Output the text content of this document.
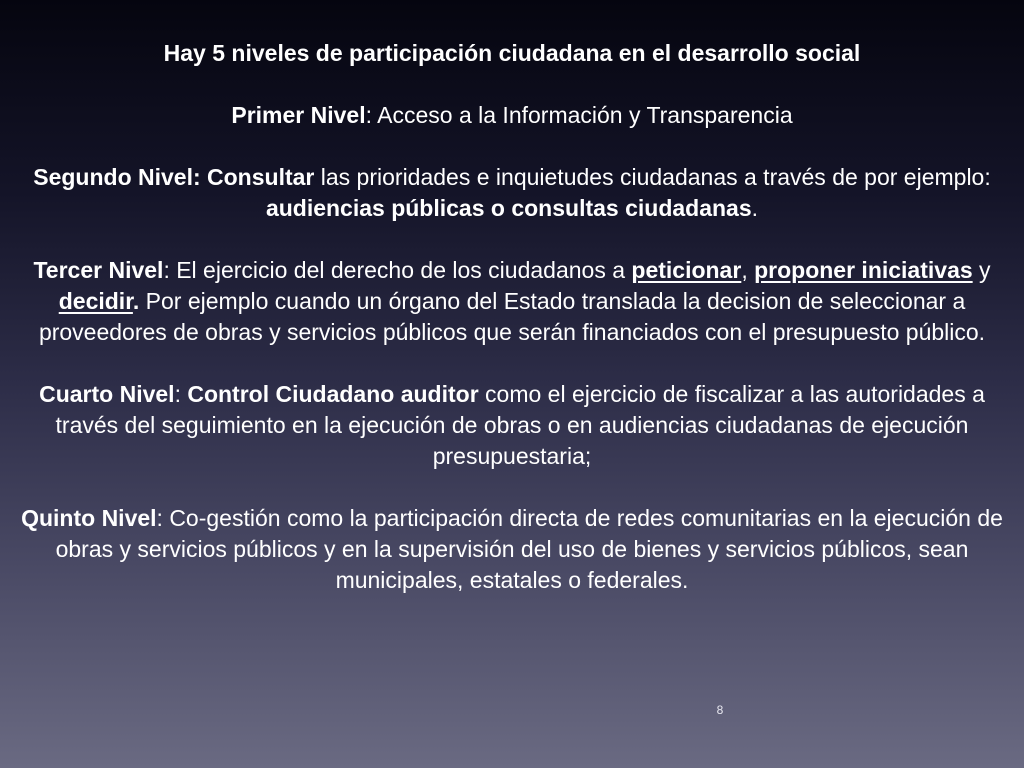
Hay 5 niveles de participación ciudadana en el desarrollo social

Primer Nivel: Acceso a la Información y Transparencia

Segundo Nivel: Consultar las prioridades e inquietudes ciudadanas a través de por ejemplo: audiencias públicas o consultas ciudadanas.

Tercer Nivel: El ejercicio del derecho de los ciudadanos a peticionar, proponer iniciativas y decidir. Por ejemplo cuando un órgano del Estado translada la decision de seleccionar a proveedores de obras y servicios públicos que serán financiados con el presupuesto público.

Cuarto Nivel: Control Ciudadano auditor como el ejercicio de fiscalizar a las autoridades a través del seguimiento en la ejecución de obras o en audiencias ciudadanas de ejecución presupuestaria;

Quinto Nivel: Co-gestión como la participación directa de redes comunitarias en la ejecución de obras y servicios públicos y en la supervisión del uso de bienes y servicios públicos, sean municipales, estatales o federales.

8
